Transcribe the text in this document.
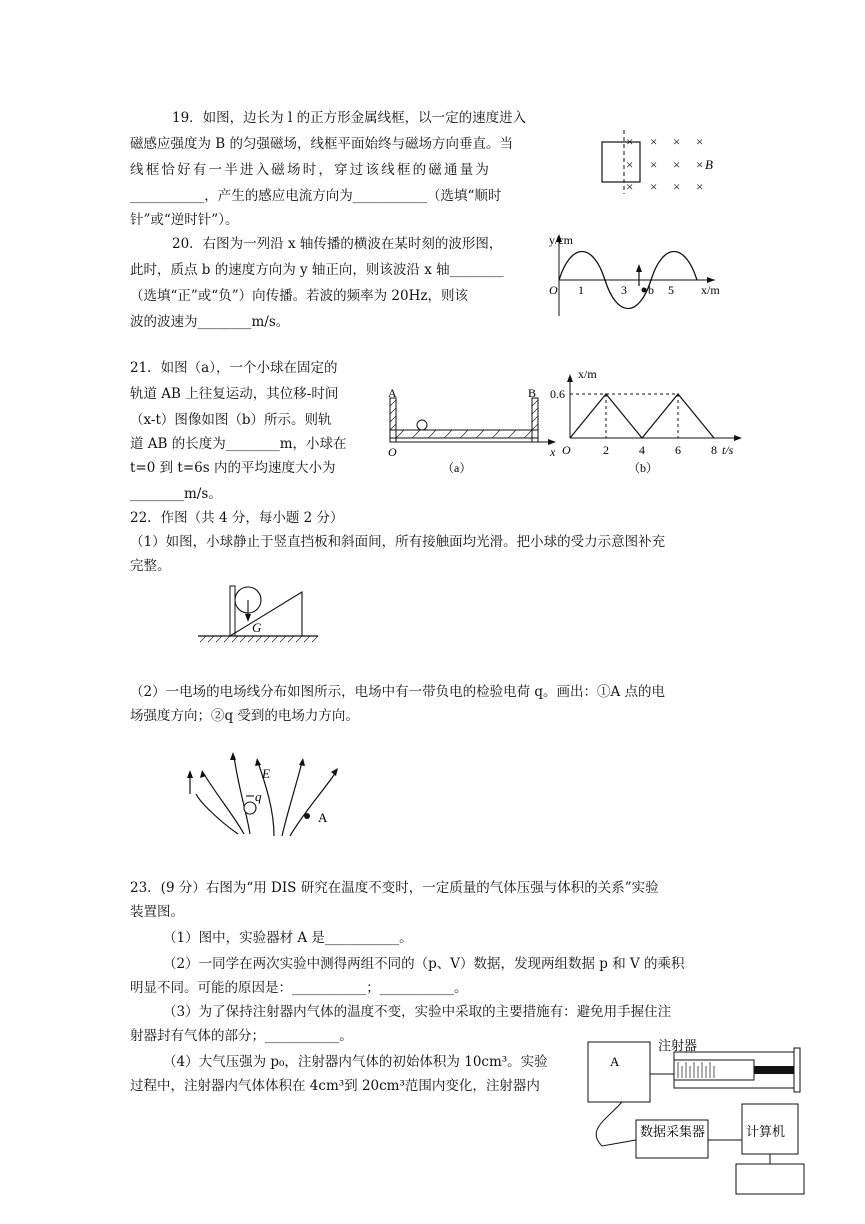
19．如图，边长为 l 的正方形金属线框，以一定的速度进入
磁感应强度为 B 的匀强磁场，线框平面始终与磁场方向垂直。当
线框恰好有一半进入磁场时，穿过该线框的磁通量为
___________，产生的感应电流方向为___________（选填“顺时
针”或“逆时针”）。
× × × ×
× × × ×
× × × ×
B
20．右图为一列沿 x 轴传播的横波在某时刻的波形图，
此时，质点 b 的速度方向为 y 轴正向，则该波沿 x 轴________
（选填“正”或“负”）向传播。若波的频率为 20Hz，则该
波的波速为________m/s。
y/cm
x/m
O 1	3	5
b
21．如图（a），一个小球在固定的
轨道 AB 上往复运动，其位移-时间
（x-t）图像如图（b）所示。则轨
道 AB 的长度为________m，小球在
t=0 到 t=6s 内的平均速度大小为
________m/s。
A	B
O	x
（a）
x/m
0.6
O	2	4	6	8 t/s
（b）
22．作图（共 4 分，每小题 2 分）
（1）如图，小球静止于竖直挡板和斜面间，所有接触面均光滑。把小球的受力示意图补充
完整。
G
（2）一电场的电场线分布如图所示，电场中有一带负电的检验电荷 q。画出：①A 点的电
场强度方向；②q 受到的电场力方向。
E
q
A
23．(9 分）右图为“用 DIS 研究在温度不变时，一定质量的气体压强与体积的关系”实验
装置图。
（1）图中，实验器材 A 是___________。
（2）一同学在两次实验中测得两组不同的（p、V）数据，发现两组数据 p 和 V 的乘积
明显不同。可能的原因是：___________；___________。
（3）为了保持注射器内气体的温度不变，实验中采取的主要措施有：避免用手握住注
射器封有气体的部分；___________。
（4）大气压强为 p₀，注射器内气体的初始体积为 10cm³。实验
过程中，注射器内气体体积在 4cm³到 20cm³范围内变化，注射器内
A
注射器
数据采集器	计算机
